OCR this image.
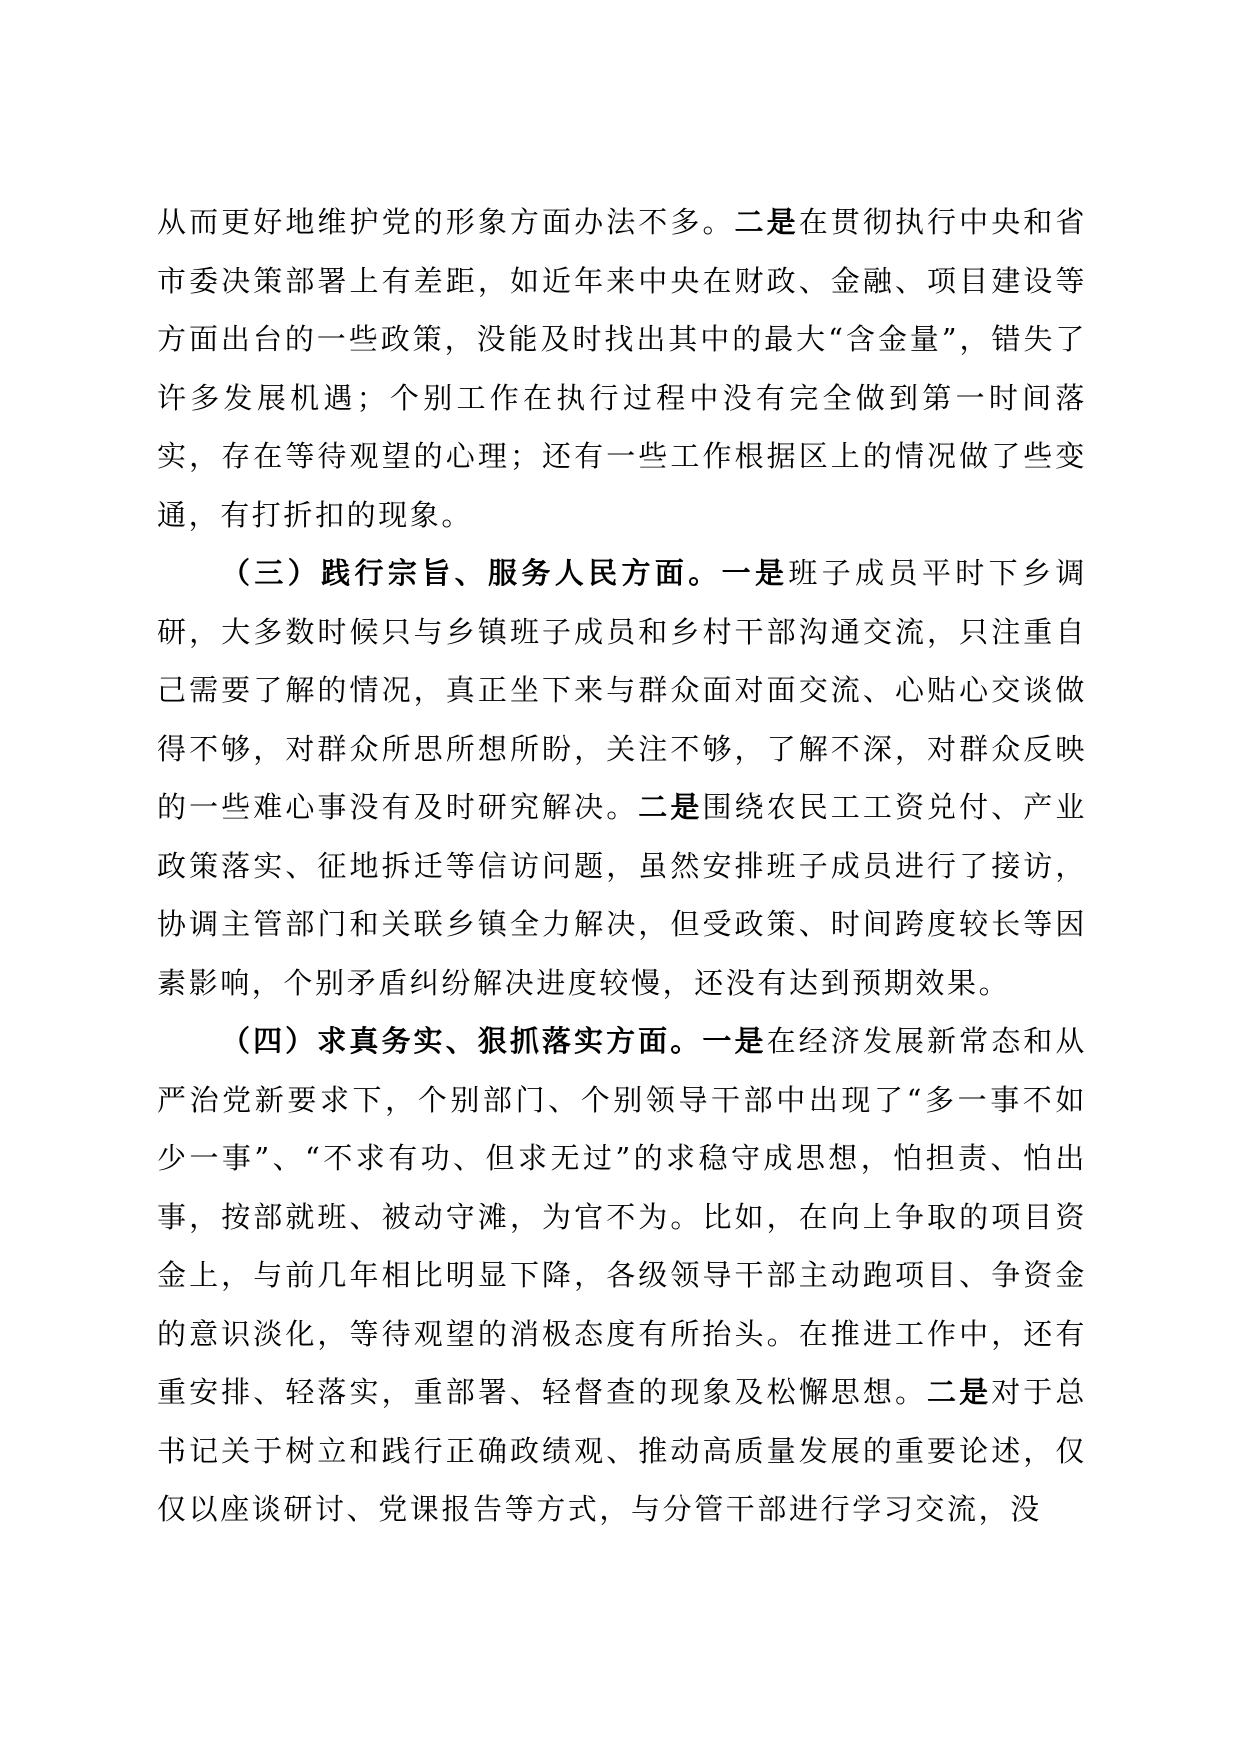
从而更好地维护党的形象方面办法不多。二是在贯彻执行中央和省市委决策部署上有差距，如近年来中央在财政、金融、项目建设等方面出台的一些政策，没能及时找出其中的最大“含金量”，错失了许多发展机遇；个别工作在执行过程中没有完全做到第一时间落实，存在等待观望的心理；还有一些工作根据区上的情况做了些变通，有打折扣的现象。

（三）践行宗旨、服务人民方面。一是班子成员平时下乡调研，大多数时候只与乡镇班子成员和乡村干部沟通交流，只注重自己需要了解的情况，真正坐下来与群众面对面交流、心贴心交谈做得不够，对群众所思所想所盼，关注不够，了解不深，对群众反映的一些难心事没有及时研究解决。二是围绕农民工工资兑付、产业政策落实、征地拆迁等信访问题，虽然安排班子成员进行了接访，协调主管部门和关联乡镇全力解决，但受政策、时间跨度较长等因素影响，个别矛盾纠纷解决进度较慢，还没有达到预期效果。

（四）求真务实、狠抓落实方面。一是在经济发展新常态和从严治党新要求下，个别部门、个别领导干部中出现了“多一事不如少一事”、“不求有功、但求无过”的求稳守成思想，怕担责、怕出事，按部就班、被动守滩，为官不为。比如，在向上争取的项目资金上，与前几年相比明显下降，各级领导干部主动跑项目、争资金的意识淡化，等待观望的消极态度有所抬头。在推进工作中，还有重安排、轻落实，重部署、轻督查的现象及松懈思想。二是对于总书记关于树立和践行正确政绩观、推动高质量发展的重要论述，仅仅以座谈研讨、党课报告等方式，与分管干部进行学习交流，没
